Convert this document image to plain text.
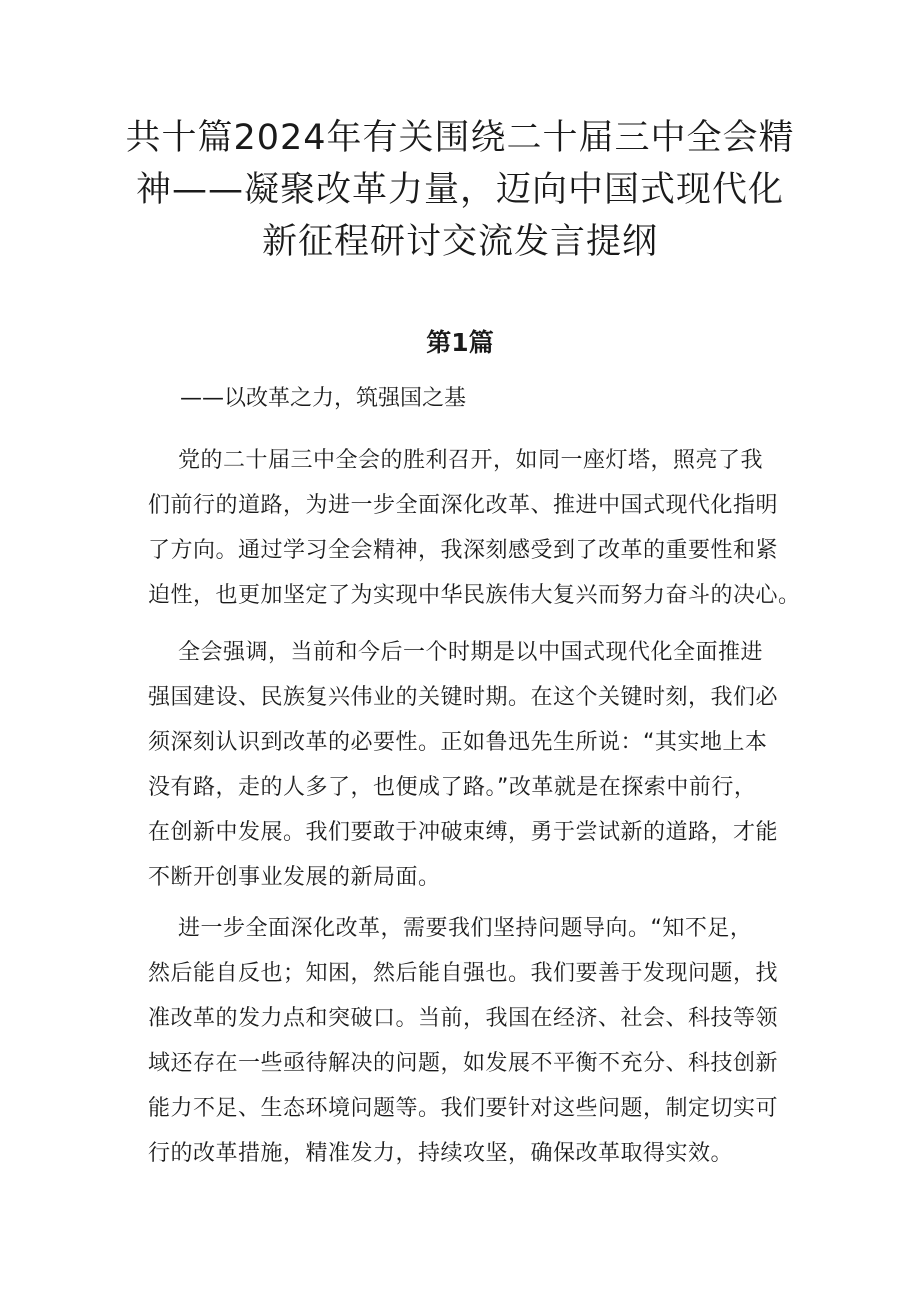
共十篇2024年有关围绕二十届三中全会精
神——凝聚改革力量，迈向中国式现代化
新征程研讨交流发言提纲
第1篇

——以改革之力，筑强国之基

党的二十届三中全会的胜利召开，如同一座灯塔，照亮了我
们前行的道路，为进一步全面深化改革、推进中国式现代化指明
了方向。通过学习全会精神，我深刻感受到了改革的重要性和紧
迫性，也更加坚定了为实现中华民族伟大复兴而努力奋斗的决心。
全会强调，当前和今后一个时期是以中国式现代化全面推进
强国建设、民族复兴伟业的关键时期。在这个关键时刻，我们必
须深刻认识到改革的必要性。正如鲁迅先生所说：“其实地上本
没有路，走的人多了，也便成了路。”改革就是在探索中前行，
在创新中发展。我们要敢于冲破束缚，勇于尝试新的道路，才能
不断开创事业发展的新局面。
进一步全面深化改革，需要我们坚持问题导向。“知不足，
然后能自反也；知困，然后能自强也。我们要善于发现问题，找
准改革的发力点和突破口。当前，我国在经济、社会、科技等领
域还存在一些亟待解决的问题，如发展不平衡不充分、科技创新
能力不足、生态环境问题等。我们要针对这些问题，制定切实可
行的改革措施，精准发力，持续攻坚，确保改革取得实效。
